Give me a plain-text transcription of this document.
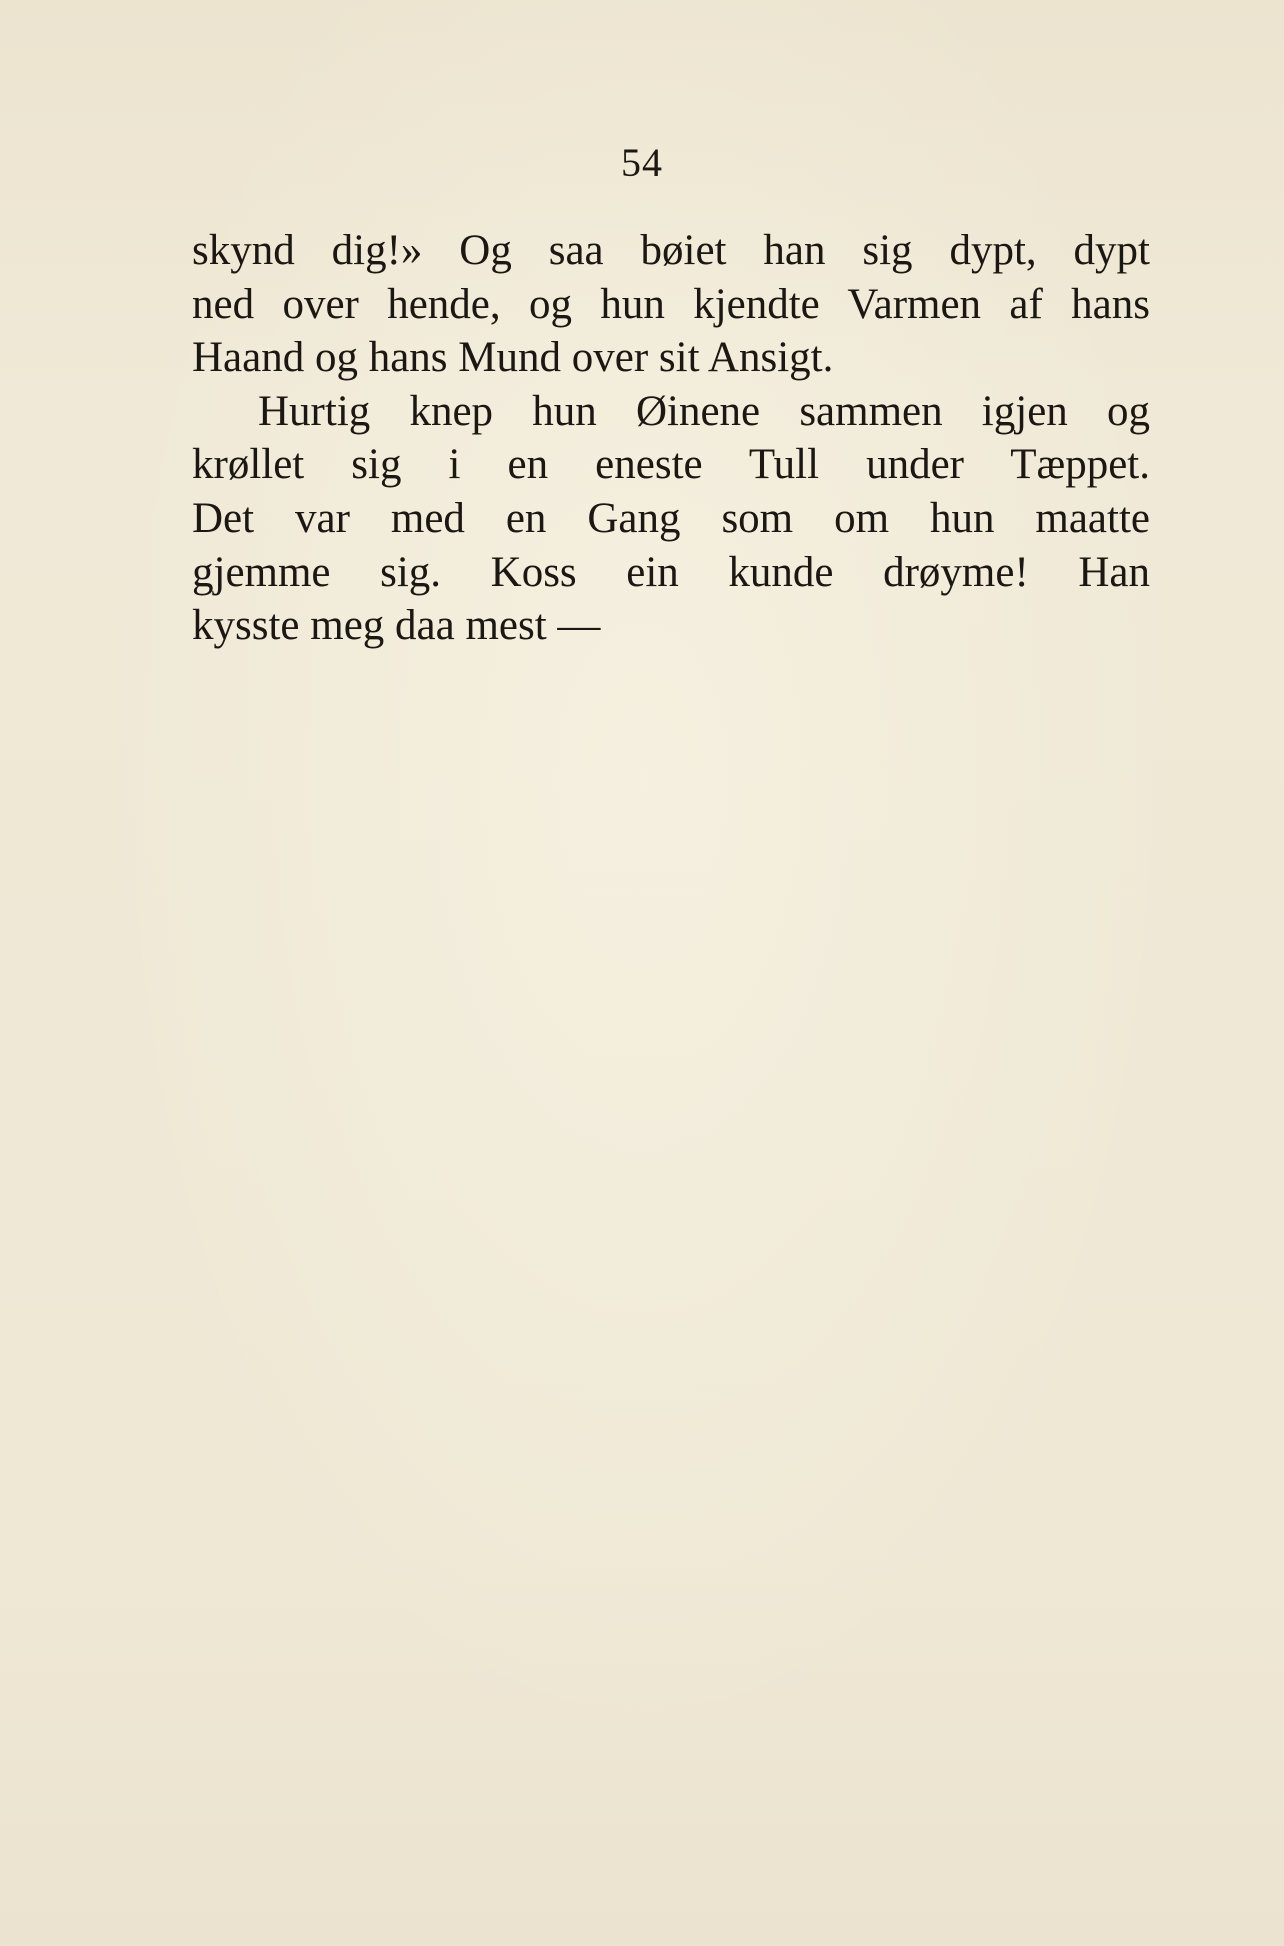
54
skynd dig!» Og saa bøiet han sig dypt, dypt
ned over hende, og hun kjendte Varmen af hans
Haand og hans Mund over sit Ansigt.
Hurtig knep hun Øinene sammen igjen og
krøllet sig i en eneste Tull under Tæppet.
Det var med en Gang som om hun maatte
gjemme sig. Koss ein kunde drøyme! Han
kysste meg daa mest —
